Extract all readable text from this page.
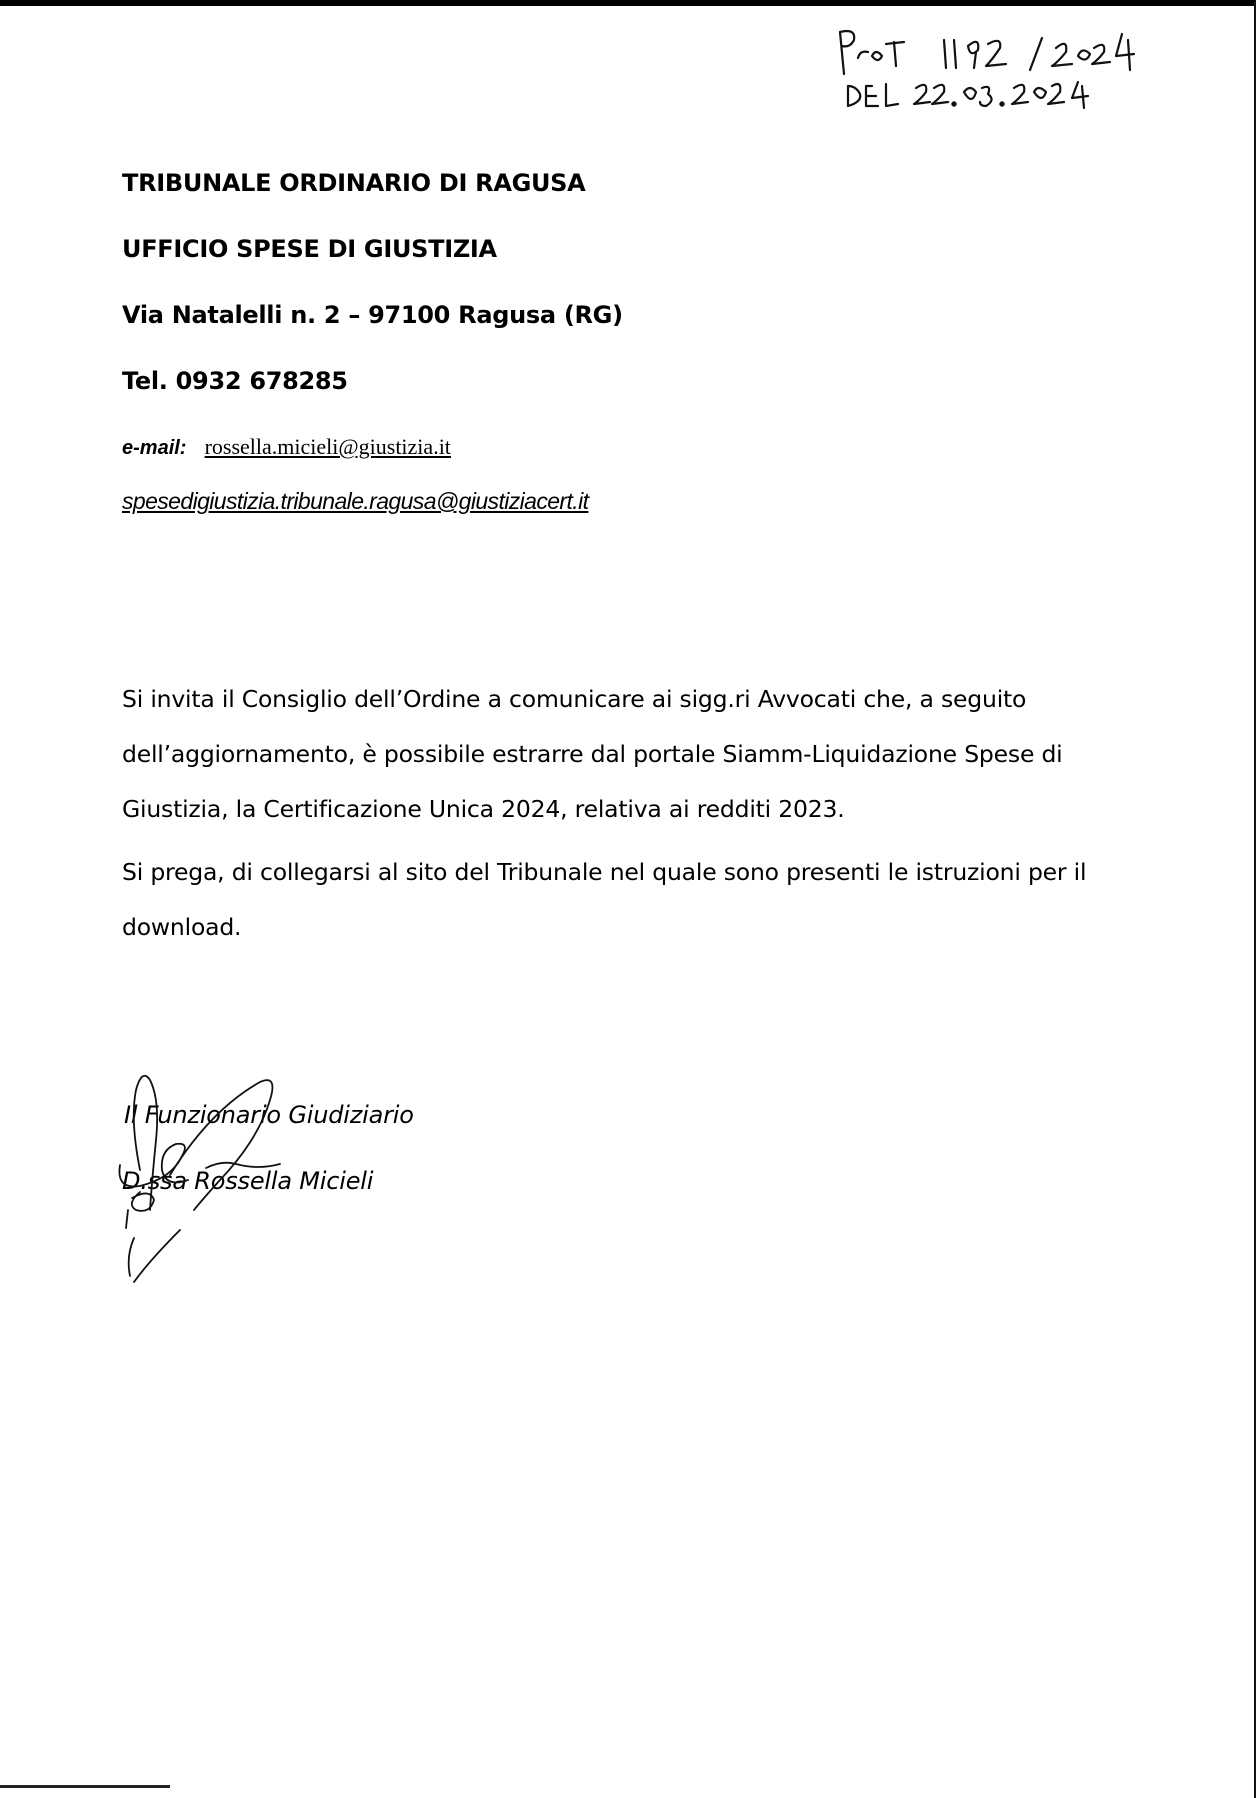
TRIBUNALE ORDINARIO DI RAGUSA
UFFICIO SPESE DI GIUSTIZIA
Via Natalelli n. 2 – 97100 Ragusa (RG)
Tel. 0932 678285
e-mail: rossella.micieli@giustizia.it
spesedigiustizia.tribunale.ragusa@giustiziacert.it

Si invita il Consiglio dell’Ordine a comunicare ai sigg.ri Avvocati che, a seguito

dell’aggiornamento, è possibile estrarre dal portale Siamm-Liquidazione Spese di

Giustizia, la Certificazione Unica 2024, relativa ai redditi 2023.

Si prega, di collegarsi al sito del Tribunale nel quale sono presenti le istruzioni per il

download.

Il Funzionario Giudiziario
D.ssa Rossella Micieli
